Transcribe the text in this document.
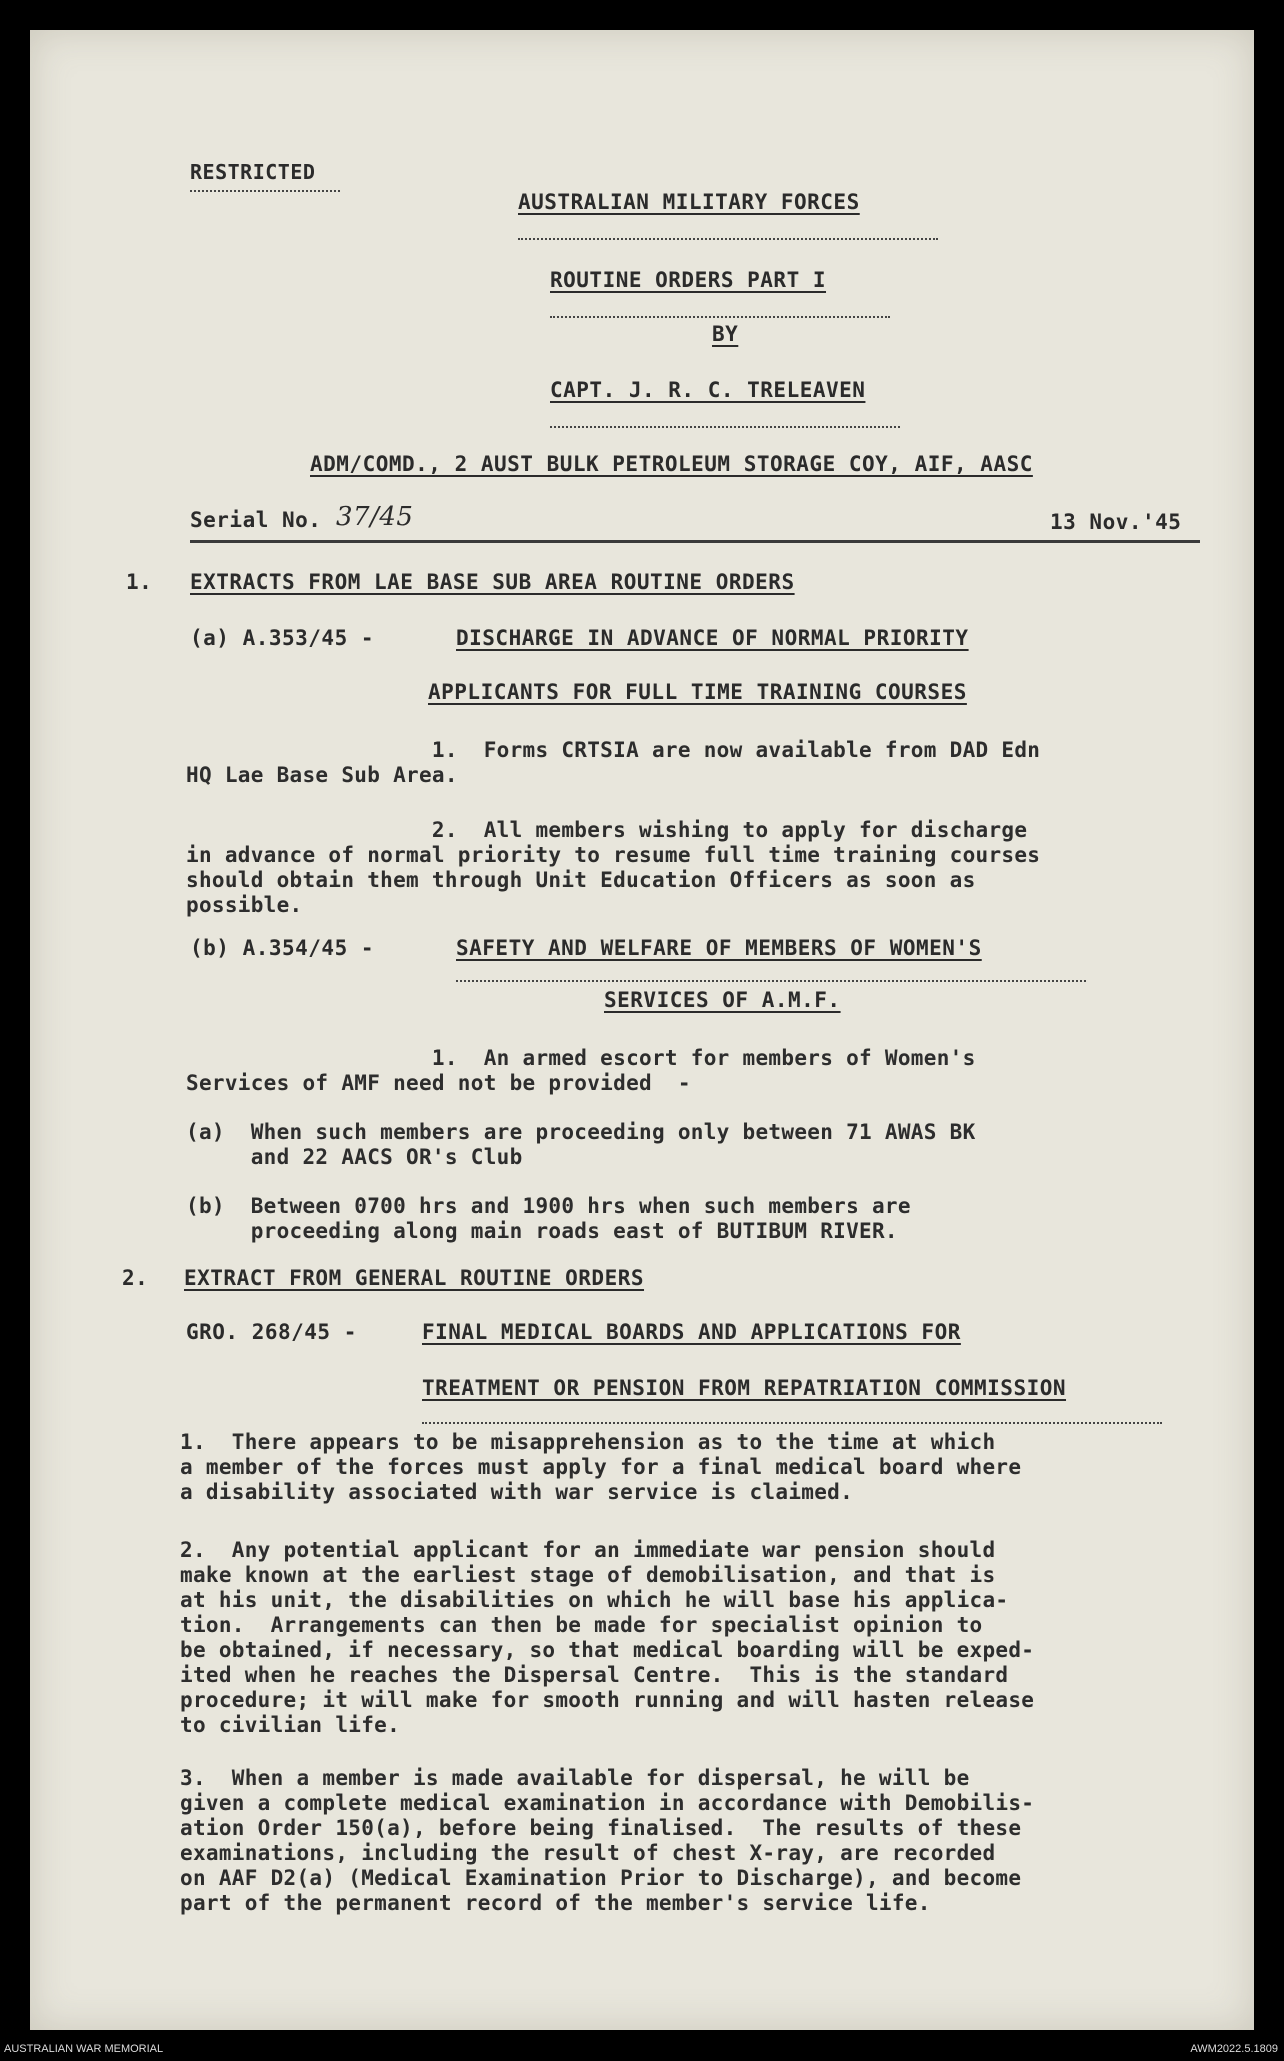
RESTRICTED
AUSTRALIAN MILITARY FORCES
ROUTINE ORDERS PART I
BY
CAPT. J. R. C. TRELEAVEN
ADM/COMD., 2 AUST BULK PETROLEUM STORAGE COY, AIF, AASC
Serial No. 37/45	13 Nov.'45
1. EXTRACTS FROM LAE BASE SUB AREA ROUTINE ORDERS
(a) A.353/45 -	DISCHARGE IN ADVANCE OF NORMAL PRIORITY
APPLICANTS FOR FULL TIME TRAINING COURSES
1.  Forms CRTSIA are now available from DAD Edn
HQ Lae Base Sub Area.
2.  All members wishing to apply for discharge
in advance of normal priority to resume full time training courses
should obtain them through Unit Education Officers as soon as
possible.
(b) A.354/45 -	SAFETY AND WELFARE OF MEMBERS OF WOMEN'S
SERVICES OF A.M.F.
1.  An armed escort for members of Women's
Services of AMF need not be provided  -
(a)  When such members are proceeding only between 71 AWAS BK
and 22 AACS OR's Club
(b)  Between 0700 hrs and 1900 hrs when such members are
proceeding along main roads east of BUTIBUM RIVER.
2. EXTRACT FROM GENERAL ROUTINE ORDERS
GRO. 268/45 -	FINAL MEDICAL BOARDS AND APPLICATIONS FOR
TREATMENT OR PENSION FROM REPATRIATION COMMISSION
1.  There appears to be misapprehension as to the time at which
a member of the forces must apply for a final medical board where
a disability associated with war service is claimed.
2.  Any potential applicant for an immediate war pension should
make known at the earliest stage of demobilisation, and that is
at his unit, the disabilities on which he will base his applica-
tion.  Arrangements can then be made for specialist opinion to
be obtained, if necessary, so that medical boarding will be exped-
ited when he reaches the Dispersal Centre.  This is the standard
procedure; it will make for smooth running and will hasten release
to civilian life.
3.  When a member is made available for dispersal, he will be
given a complete medical examination in accordance with Demobilis-
ation Order 150(a), before being finalised.  The results of these
examinations, including the result of chest X-ray, are recorded
on AAF D2(a) (Medical Examination Prior to Discharge), and become
part of the permanent record of the member's service life.
AUSTRALIAN WAR MEMORIAL	AWM2022.5.1809
